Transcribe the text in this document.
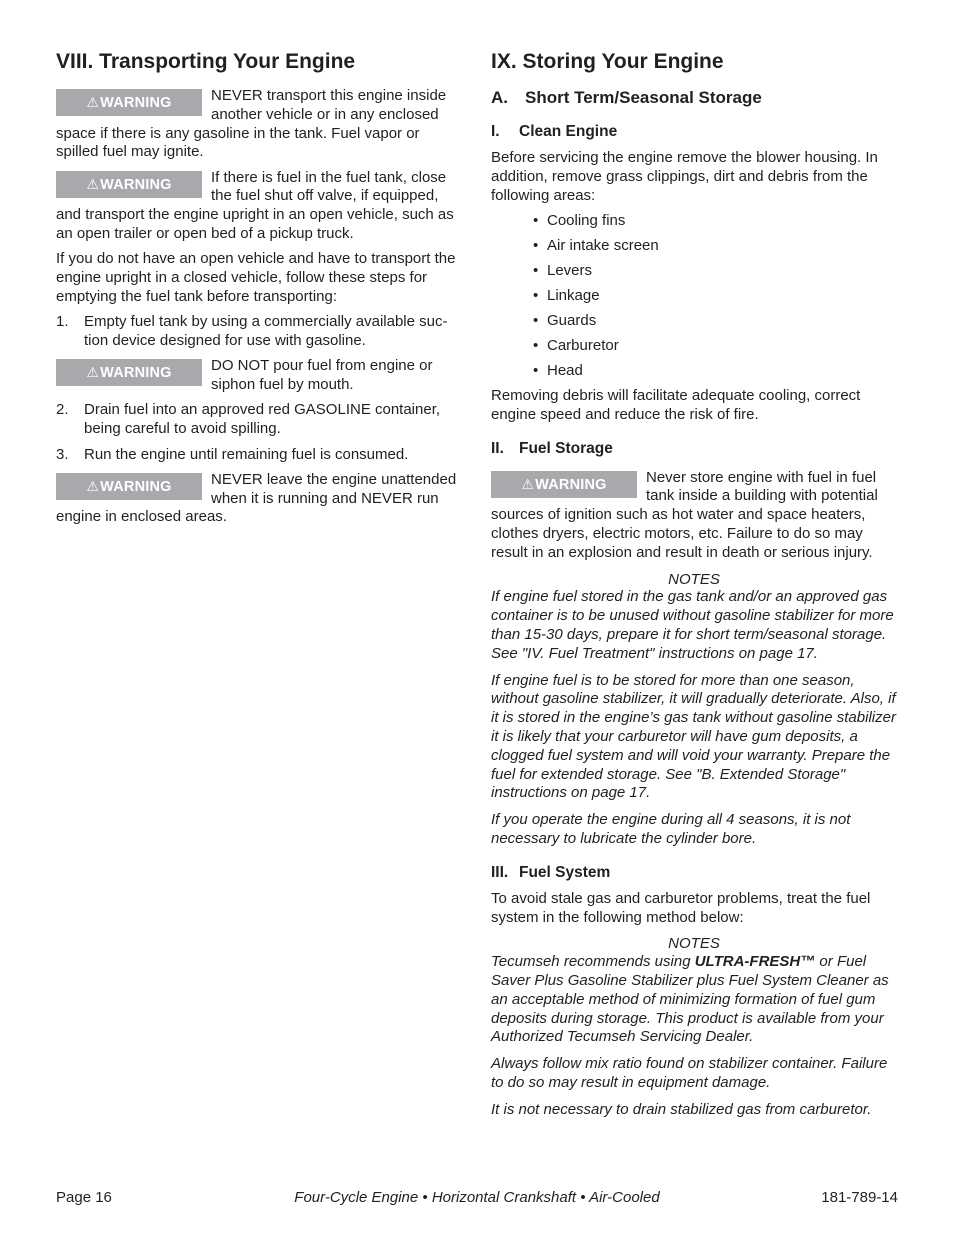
VIII. Transporting Your Engine
⚠WARNING	NEVER transport this engine inside another vehicle or in any enclosed space if there is any gasoline in the tank. Fuel vapor or spilled fuel may ignite.
⚠WARNING	If there is fuel in the fuel tank, close the fuel shut off valve, if equipped, and transport the engine upright in an open vehicle, such as an open trailer or open bed of a pickup truck.

If you do not have an open vehicle and have to transport the engine upright in a closed vehicle, follow these steps for emptying the fuel tank before transporting:

1. Empty fuel tank by using a commercially available suction device designed for use with gasoline.
⚠WARNING	DO NOT pour fuel from engine or siphon fuel by mouth.
2. Drain fuel into an approved red GASOLINE container, being careful to avoid spilling.
3. Run the engine until remaining fuel is consumed.
⚠WARNING	NEVER leave the engine unattended when it is running and NEVER run engine in enclosed areas.
IX. Storing Your Engine
A. Short Term/Seasonal Storage
I. Clean Engine

Before servicing the engine remove the blower housing. In addition, remove grass clippings, dirt and debris from the following areas:

• Cooling fins
• Air intake screen
• Levers
• Linkage
• Guards
• Carburetor
• Head

Removing debris will facilitate adequate cooling, correct engine speed and reduce the risk of fire.

II. Fuel Storage
⚠WARNING	Never store engine with fuel in fuel tank inside a building with potential sources of ignition such as hot water and space heaters, clothes dryers, electric motors, etc. Failure to do so may result in an explosion and result in death or serious injury.
NOTES

If engine fuel stored in the gas tank and/or an approved gas container is to be unused without gasoline stabilizer for more than 15-30 days, prepare it for short term/seasonal storage. See "IV. Fuel Treatment" instructions on page 17.

If engine fuel is to be stored for more than one season, without gasoline stabilizer, it will gradually deteriorate. Also, if it is stored in the engine’s gas tank without gasoline stabilizer it is likely that your carburetor will have gum deposits, a clogged fuel system and will void your warranty. Prepare the fuel for extended storage. See "B. Extended Storage" instructions on page 17.

If you operate the engine during all 4 seasons, it is not necessary to lubricate the cylinder bore.

III. Fuel System

To avoid stale gas and carburetor problems, treat the fuel system in the following method below:

NOTES

Tecumseh recommends using ULTRA-FRESH™ or Fuel Saver Plus Gasoline Stabilizer plus Fuel System Cleaner as an acceptable method of minimizing formation of fuel gum deposits during storage. This product is available from your Authorized Tecumseh Servicing Dealer.

Always follow mix ratio found on stabilizer container. Failure to do so may result in equipment damage.

It is not necessary to drain stabilized gas from carburetor.

Page 16	Four-Cycle Engine • Horizontal Crankshaft • Air-Cooled	181-789-14
